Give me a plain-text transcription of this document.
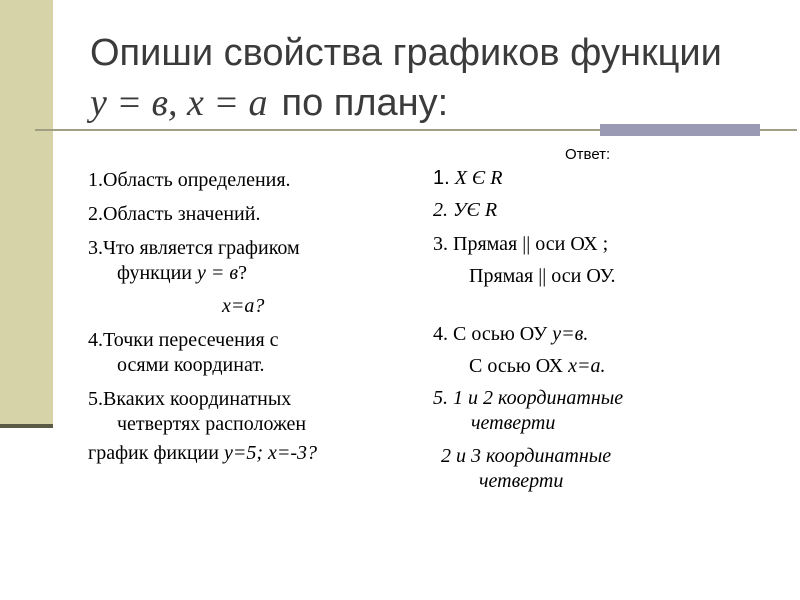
Опиши свойства графиков функции
у = в, х = а по плану:

1.Область определения.

2.Область значений.

3.Что является графиком
функции у = в?

х=а?

4.Точки пересечения с
осями координат.

5.Вкаких координатных
четвертях расположен

график фикции у=5; х=-3?

Ответ:

1. Х Є R

2. УЄ R

3. Прямая || оси ОХ ;

Прямая || оси ОУ.

4. С осью ОУ у=в.

С осью ОХ х=а.

5. 1 и 2 координатные
четверти

2 и 3 координатные
четверти
